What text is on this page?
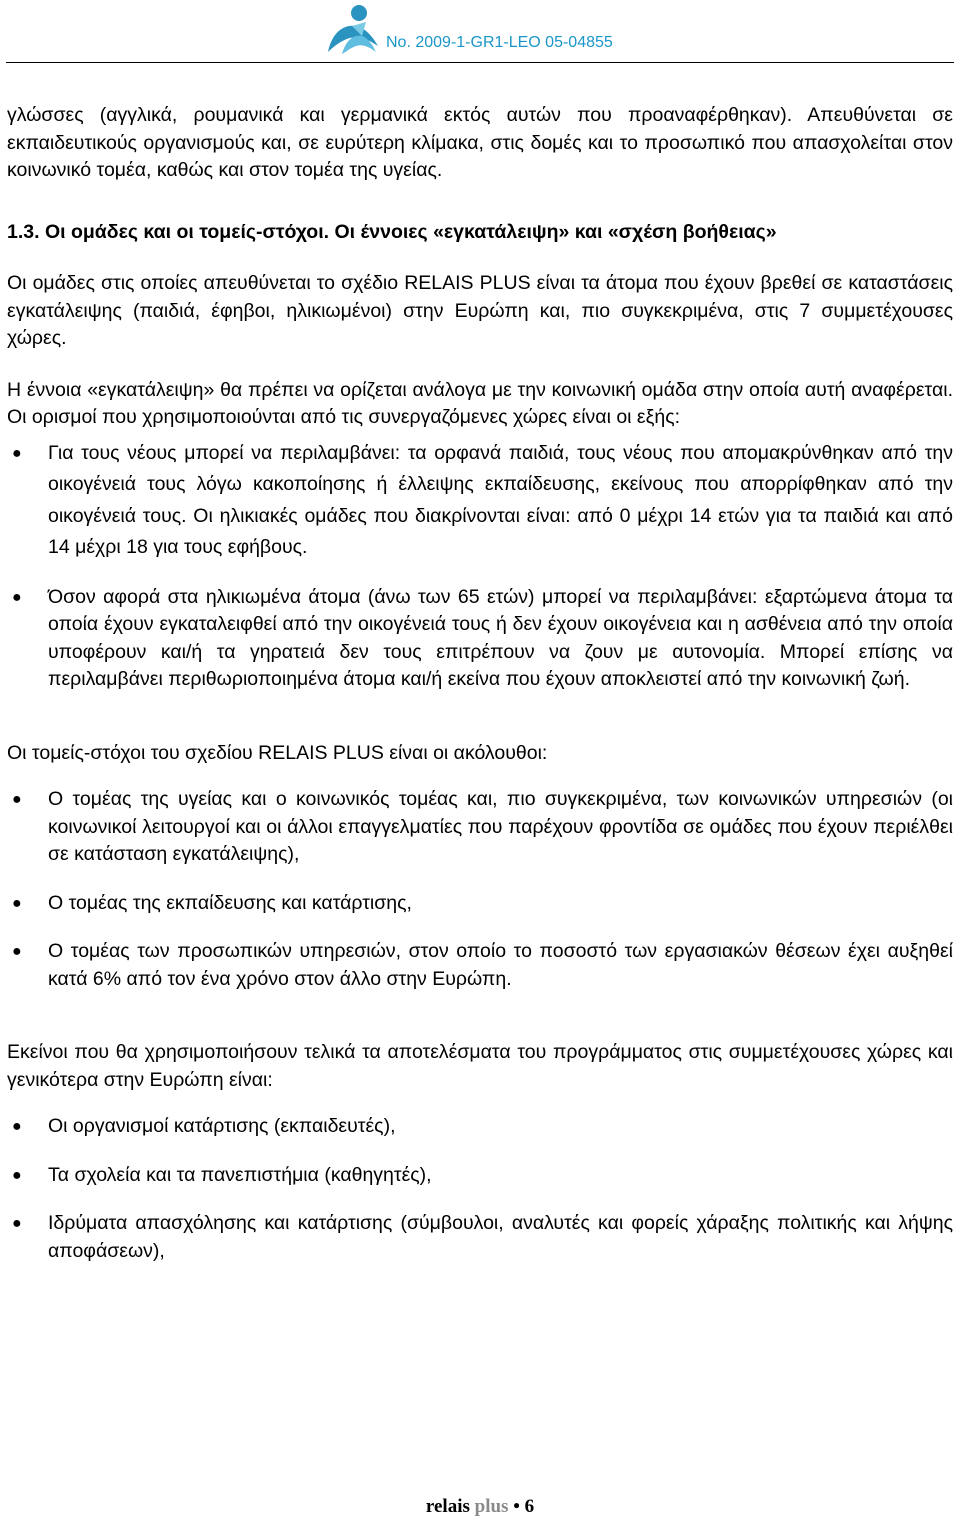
No. 2009-1-GR1-LEO 05-04855

γλώσσες (αγγλικά, ρουμανικά και γερμανικά εκτός αυτών που προαναφέρθηκαν). Απευθύνεται σε εκπαιδευτικούς οργανισμούς και, σε ευρύτερη κλίμακα, στις δομές και το προσωπικό που απασχολείται στον κοινωνικό τομέα, καθώς και στον τομέα της υγείας.

1.3. Οι ομάδες και οι τομείς-στόχοι. Οι έννοιες «εγκατάλειψη» και «σχέση βοήθειας»

Οι ομάδες στις οποίες απευθύνεται το σχέδιο RELAIS PLUS είναι τα άτομα που έχουν βρεθεί σε καταστάσεις εγκατάλειψης (παιδιά, έφηβοι, ηλικιωμένοι) στην Ευρώπη και, πιο συγκεκριμένα, στις 7 συμμετέχουσες χώρες.

Η έννοια «εγκατάλειψη» θα πρέπει να ορίζεται ανάλογα με την κοινωνική ομάδα στην οποία αυτή αναφέρεται. Οι ορισμοί που χρησιμοποιούνται από τις συνεργαζόμενες χώρες είναι οι εξής:

● Για τους νέους μπορεί να περιλαμβάνει: τα ορφανά παιδιά, τους νέους που απομακρύνθηκαν από την οικογένειά τους λόγω κακοποίησης ή έλλειψης εκπαίδευσης, εκείνους που απορρίφθηκαν από την οικογένειά τους. Οι ηλικιακές ομάδες που διακρίνονται είναι: από 0 μέχρι 14 ετών για τα παιδιά και από 14 μέχρι 18 για τους εφήβους.
● Όσον αφορά στα ηλικιωμένα άτομα (άνω των 65 ετών) μπορεί να περιλαμβάνει: εξαρτώμενα άτομα τα οποία έχουν εγκαταλειφθεί από την οικογένειά τους ή δεν έχουν οικογένεια και η ασθένεια από την οποία υποφέρουν και/ή τα γηρατειά δεν τους επιτρέπουν να ζουν με αυτονομία. Μπορεί επίσης να περιλαμβάνει περιθωριοποιημένα άτομα και/ή εκείνα που έχουν αποκλειστεί από την κοινωνική ζωή.

Οι τομείς-στόχοι του σχεδίου RELAIS PLUS είναι οι ακόλουθοι:

● Ο τομέας της υγείας και ο κοινωνικός τομέας και, πιο συγκεκριμένα, των κοινωνικών υπηρεσιών (οι κοινωνικοί λειτουργοί και οι άλλοι επαγγελματίες που παρέχουν φροντίδα σε ομάδες που έχουν περιέλθει σε κατάσταση εγκατάλειψης),
● Ο τομέας της εκπαίδευσης και κατάρτισης,
● Ο τομέας των προσωπικών υπηρεσιών, στον οποίο το ποσοστό των εργασιακών θέσεων έχει αυξηθεί κατά 6% από τον ένα χρόνο στον άλλο στην Ευρώπη.

Εκείνοι που θα χρησιμοποιήσουν τελικά τα αποτελέσματα του προγράμματος στις συμμετέχουσες χώρες και γενικότερα στην Ευρώπη είναι:

● Οι οργανισμοί κατάρτισης (εκπαιδευτές),
● Τα σχολεία και τα πανεπιστήμια (καθηγητές),
● Ιδρύματα απασχόλησης και κατάρτισης (σύμβουλοι, αναλυτές και φορείς χάραξης πολιτικής και λήψης αποφάσεων),
relais plus • 6
